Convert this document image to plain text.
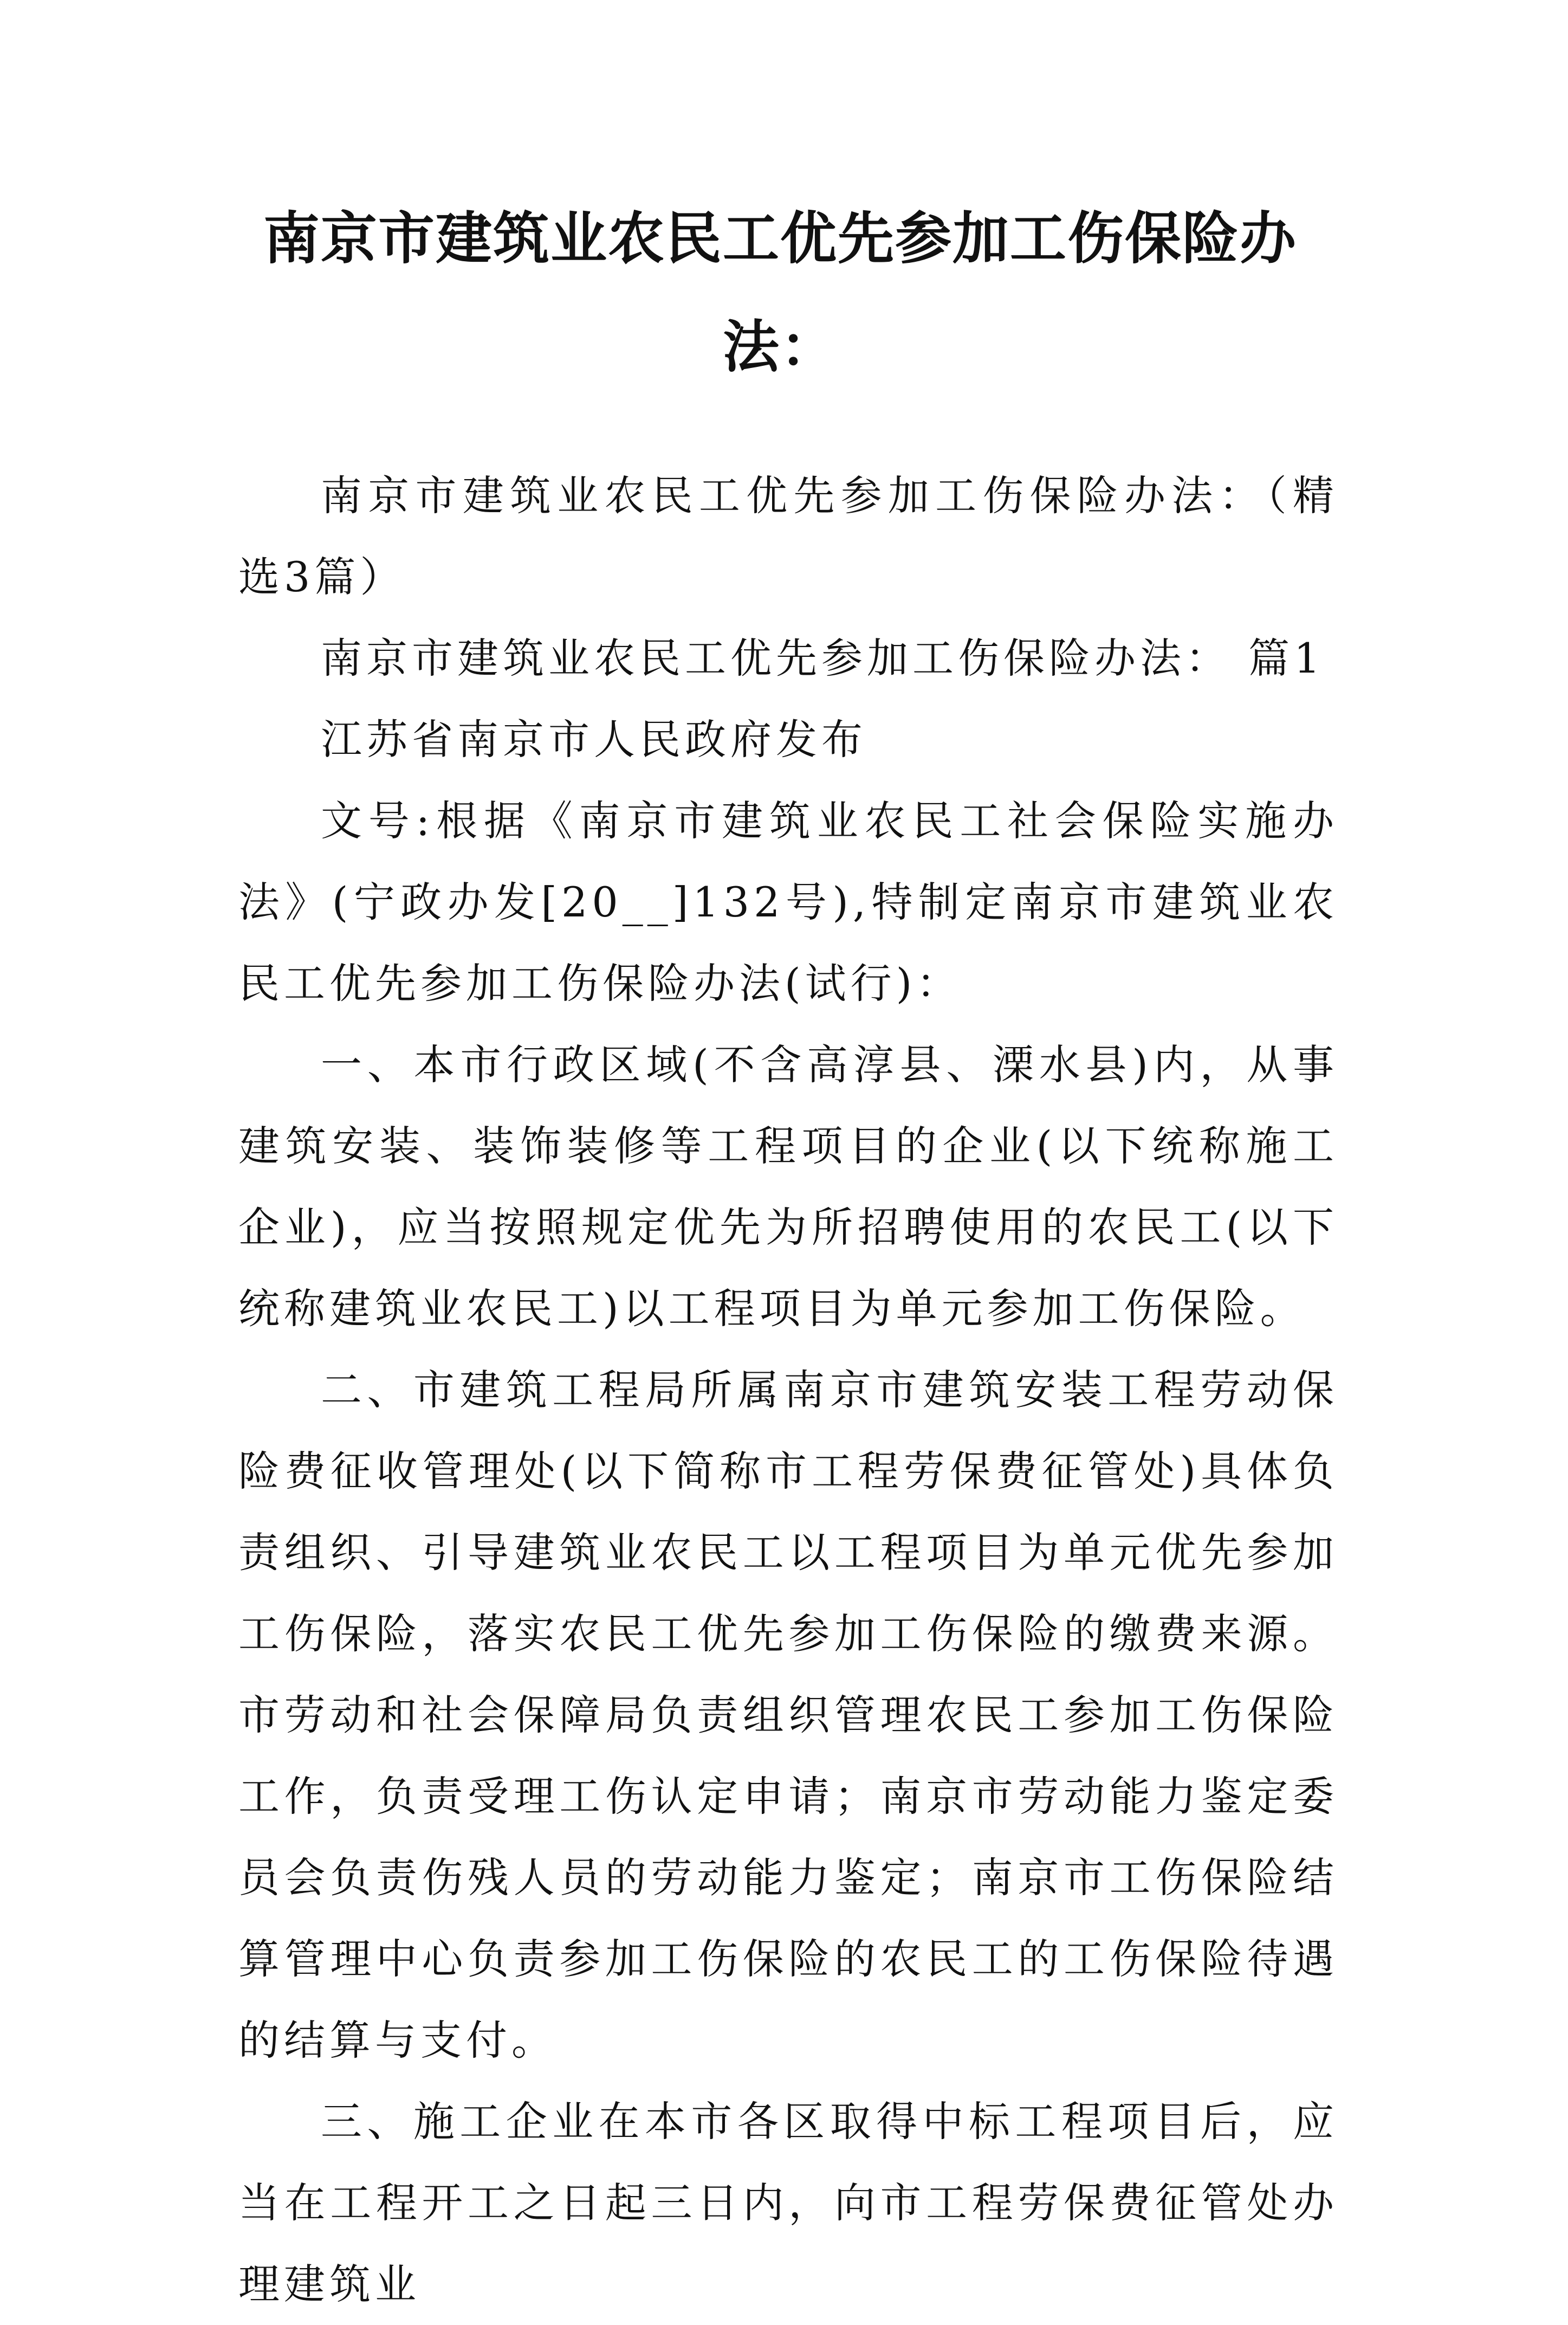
南京市建筑业农民工优先参加工伤保险办法：

南京市建筑业农民工优先参加工伤保险办法：（精选3篇）

南京市建筑业农民工优先参加工伤保险办法： 篇1

江苏省南京市人民政府发布

文号:根据《南京市建筑业农民工社会保险实施办法》(宁政办发[20__]132号),特制定南京市建筑业农民工优先参加工伤保险办法(试行)：

一、本市行政区域(不含高淳县、溧水县)内，从事建筑安装、装饰装修等工程项目的企业(以下统称施工企业)，应当按照规定优先为所招聘使用的农民工(以下统称建筑业农民工)以工程项目为单元参加工伤保险。

二、市建筑工程局所属南京市建筑安装工程劳动保险费征收管理处(以下简称市工程劳保费征管处)具体负责组织、引导建筑业农民工以工程项目为单元优先参加工伤保险，落实农民工优先参加工伤保险的缴费来源。市劳动和社会保障局负责组织管理农民工参加工伤保险工作，负责受理工伤认定申请；南京市劳动能力鉴定委员会负责伤残人员的劳动能力鉴定；南京市工伤保险结算管理中心负责参加工伤保险的农民工的工伤保险待遇的结算与支付。

三、施工企业在本市各区取得中标工程项目后，应当在工程开工之日起三日内，向市工程劳保费征管处办理建筑业
